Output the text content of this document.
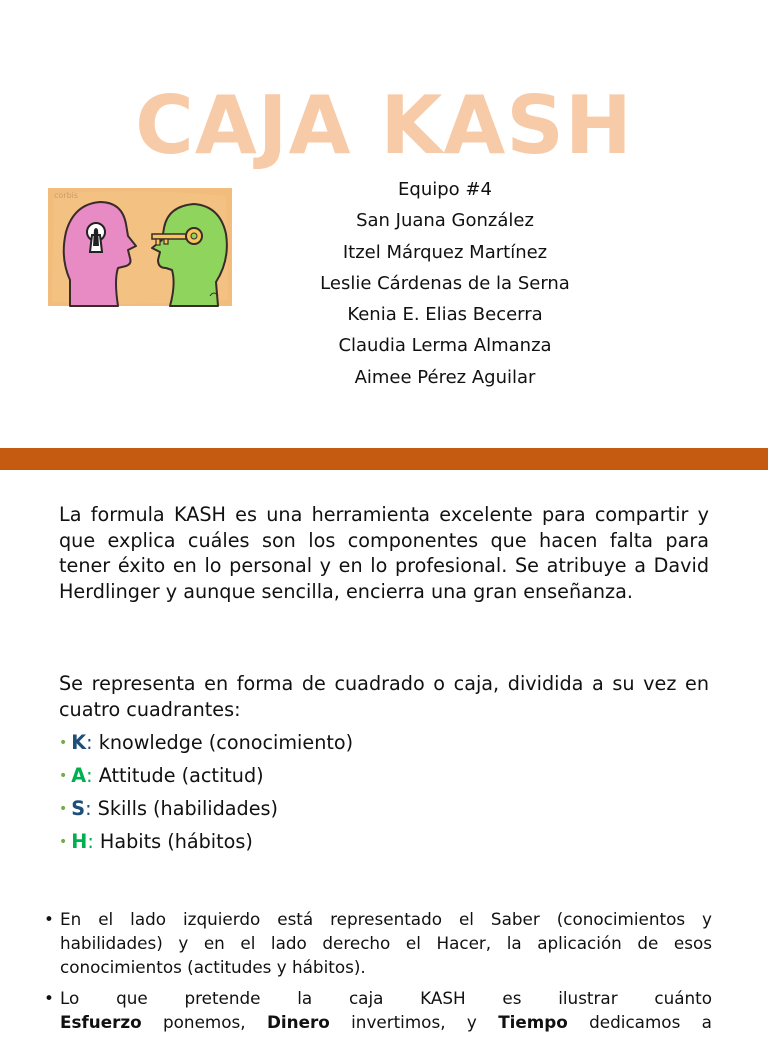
CAJA KASH
corbis	Equipo #4
San Juana González
Itzel Márquez Martínez
Leslie Cárdenas de la Serna
Kenia E. Elias Becerra
Claudia Lerma Almanza
Aimee Pérez Aguilar
La formula KASH es una herramienta excelente para compartir y que explica cuáles son los componentes que hacen falta para tener éxito en lo personal y en lo profesional. Se atribuye a David Herdlinger y aunque sencilla, encierra una gran enseñanza.
Se representa en forma de cuadrado o caja, dividida a su vez en cuatro cuadrantes:
• K: knowledge (conocimiento)
• A: Attitude (actitud)
• S: Skills (habilidades)
• H: Habits (hábitos)
• En el lado izquierdo está representado el Saber (conocimientos y habilidades) y en el lado derecho el Hacer, la aplicación de esos conocimientos (actitudes y hábitos).
• Lo que pretende la caja KASH es ilustrar cuánto
Esfuerzo ponemos, Dinero invertimos, y Tiempo dedicamos a
